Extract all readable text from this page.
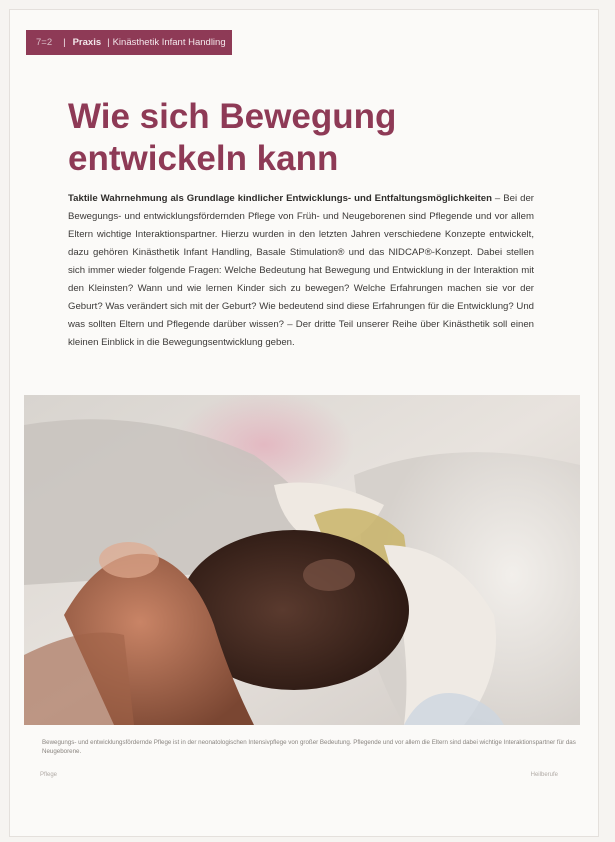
7=2 | Praxis | Kinästhetik Infant Handling
Wie sich Bewegung entwickeln kann
Taktile Wahrnehmung als Grundlage kindlicher Entwicklungs- und Entfaltungsmöglichkeiten – Bei der Bewegungs- und entwicklungsfördernden Pflege von Früh- und Neugeborenen sind Pflegende und vor allem Eltern wichtige Interaktionspartner. Hierzu wurden in den letzten Jahren verschiedene Konzepte entwickelt, dazu gehören Kinästhetik Infant Handling, Basale Stimulation® und das NIDCAP®-Konzept. Dabei stellen sich immer wieder folgende Fragen: Welche Bedeutung hat Bewegung und Entwicklung in der Interaktion mit den Kleinsten? Wann und wie lernen Kinder sich zu bewegen? Welche Erfahrungen machen sie vor der Geburt? Was verändert sich mit der Geburt? Wie bedeutend sind diese Erfahrungen für die Entwicklung? Und was sollten Eltern und Pflegende darüber wissen? – Der dritte Teil unserer Reihe über Kinästhetik soll einen kleinen Einblick in die Bewegungsentwicklung geben.
Bewegungs- und entwicklungsfördernde Pflege ist in der neonatologischen Intensivpflege von großer Bedeutung. Pflegende und vor allem die Eltern sind dabei wichtige Interaktionspartner für das Neugeborene.
Pflege	Heilberufe
